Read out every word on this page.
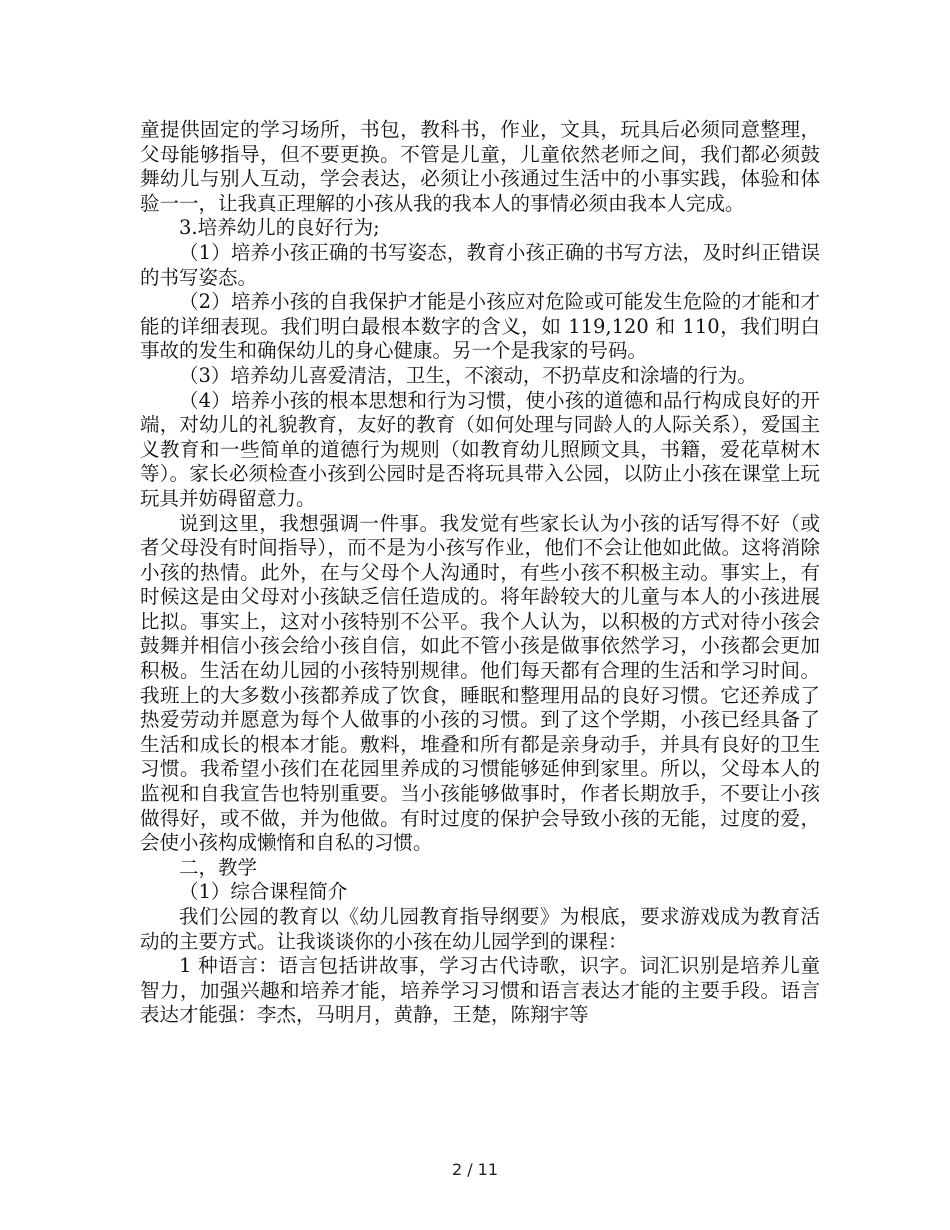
童提供固定的学习场所，书包，教科书，作业，文具，玩具后必须同意整理，父母能够指导，但不要更换。不管是儿童，儿童依然老师之间，我们都必须鼓舞幼儿与别人互动，学会表达，必须让小孩通过生活中的小事实践，体验和体验一一，让我真正理解的小孩从我的我本人的事情必须由我本人完成。

3.培养幼儿的良好行为;

（1）培养小孩正确的书写姿态，教育小孩正确的书写方法，及时纠正错误的书写姿态。

（2）培养小孩的自我保护才能是小孩应对危险或可能发生危险的才能和才能的详细表现。我们明白最根本数字的含义，如 119,120 和 110，我们明白事故的发生和确保幼儿的身心健康。另一个是我家的号码。

（3）培养幼儿喜爱清洁，卫生，不滚动，不扔草皮和涂墙的行为。

（4）培养小孩的根本思想和行为习惯，使小孩的道德和品行构成良好的开端，对幼儿的礼貌教育，友好的教育（如何处理与同龄人的人际关系），爱国主义教育和一些简单的道德行为规则（如教育幼儿照顾文具，书籍，爱花草树木等）。家长必须检查小孩到公园时是否将玩具带入公园，以防止小孩在课堂上玩玩具并妨碍留意力。

说到这里，我想强调一件事。我发觉有些家长认为小孩的话写得不好（或者父母没有时间指导），而不是为小孩写作业，他们不会让他如此做。这将消除小孩的热情。此外，在与父母个人沟通时，有些小孩不积极主动。事实上，有时候这是由父母对小孩缺乏信任造成的。将年龄较大的儿童与本人的小孩进展比拟。事实上，这对小孩特别不公平。我个人认为，以积极的方式对待小孩会鼓舞并相信小孩会给小孩自信，如此不管小孩是做事依然学习，小孩都会更加积极。生活在幼儿园的小孩特别规律。他们每天都有合理的生活和学习时间。我班上的大多数小孩都养成了饮食，睡眠和整理用品的良好习惯。它还养成了热爱劳动并愿意为每个人做事的小孩的习惯。到了这个学期，小孩已经具备了生活和成长的根本才能。敷料，堆叠和所有都是亲身动手，并具有良好的卫生习惯。我希望小孩们在花园里养成的习惯能够延伸到家里。所以，父母本人的监视和自我宣告也特别重要。当小孩能够做事时，作者长期放手，不要让小孩做得好，或不做，并为他做。有时过度的保护会导致小孩的无能，过度的爱，会使小孩构成懒惰和自私的习惯。

二，教学

（1）综合课程简介

我们公园的教育以《幼儿园教育指导纲要》为根底，要求游戏成为教育活动的主要方式。让我谈谈你的小孩在幼儿园学到的课程：

1 种语言：语言包括讲故事，学习古代诗歌，识字。词汇识别是培养儿童智力，加强兴趣和培养才能，培养学习习惯和语言表达才能的主要手段。语言表达才能强：李杰，马明月，黄静，王楚，陈翔宇等

2 / 11
